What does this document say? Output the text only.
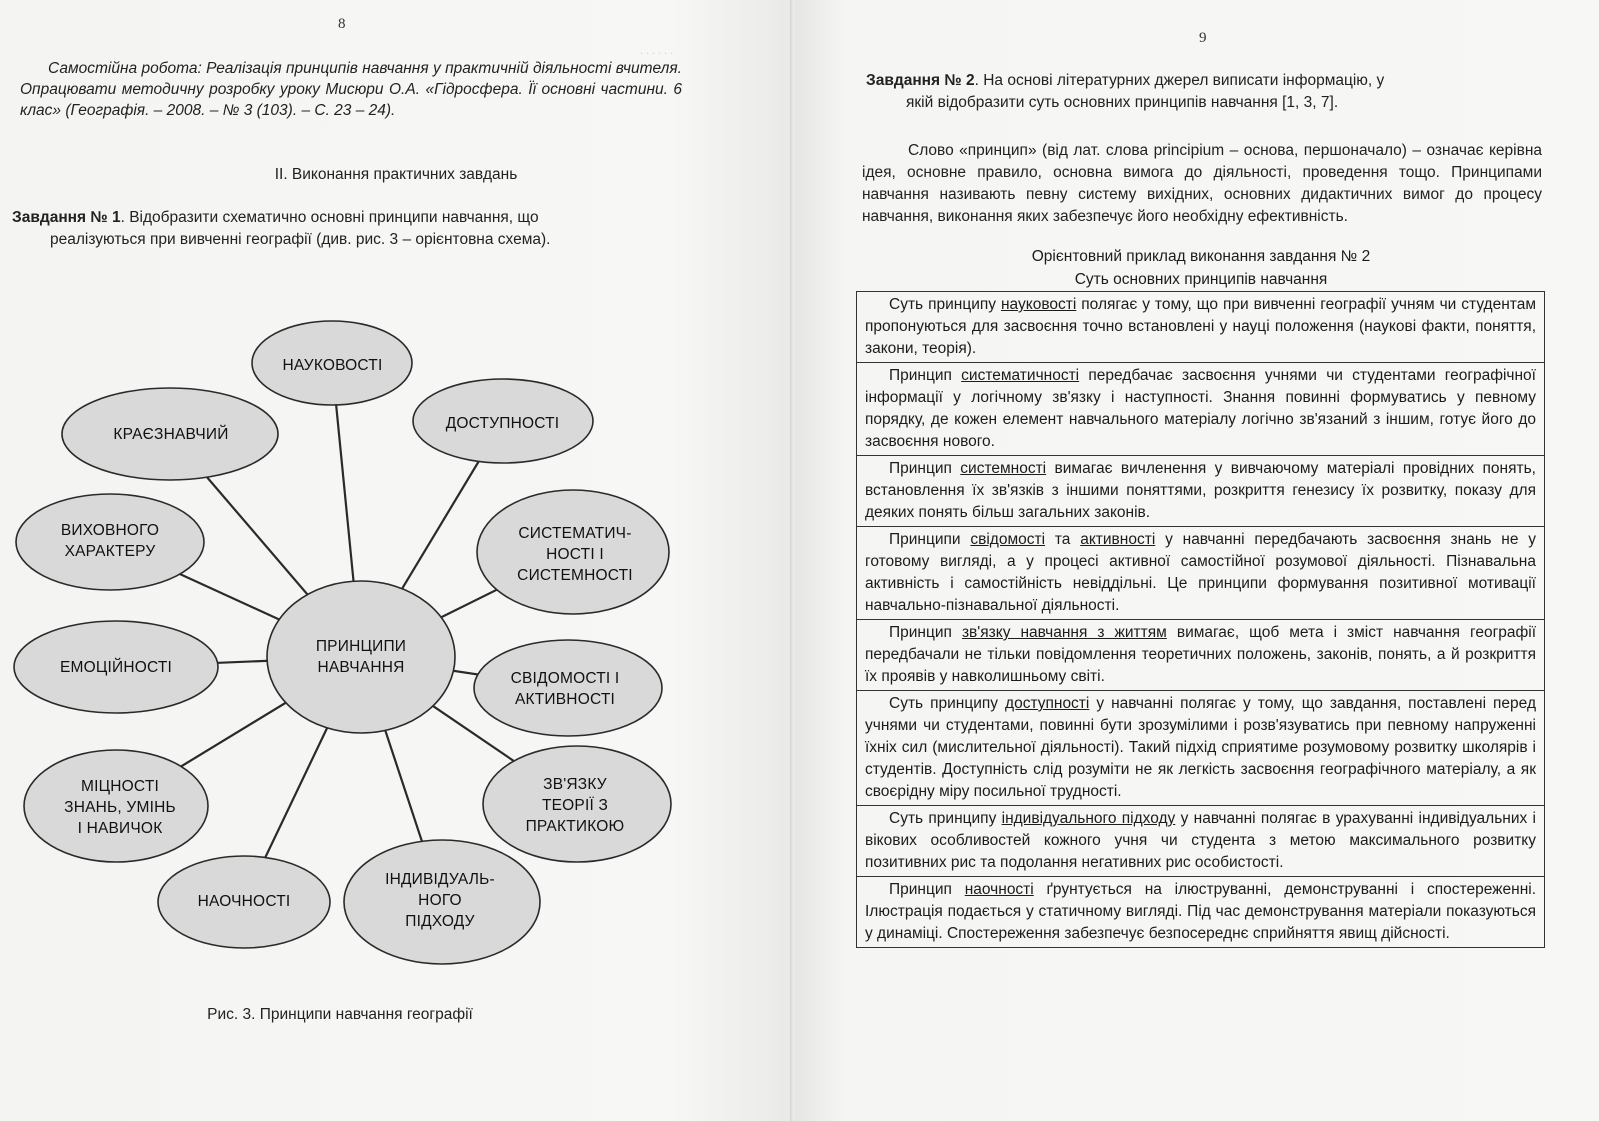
8
Самостійна робота: Реалізація принципів навчання у практичній діяльності вчителя. Опрацювати методичну розробку уроку Мисюри О.А. «Гідросфера. Її основні частини. 6 клас» (Географія. – 2008. – № 3 (103). – С. 23 – 24).
II. Виконання практичних завдань
Завдання № 1. Відобразити схематично основні принципи навчання, що
реалізуються при вивченні географії (див. рис. 3 – орієнтовна схема).
. . . . . .
ПРИНЦИПИ
НАВЧАННЯ
НАУКОВОСТІ
ДОСТУПНОСТІ
СИСТЕМАТИЧ-
НОСТІ І
СИСТЕМНОСТІ
СВІДОМОСТІ І
АКТИВНОСТІ
ЗВ'ЯЗКУ
ТЕОРІЇ З
ПРАКТИКОЮ
ІНДИВІДУАЛЬ-
НОГО
ПІДХОДУ
НАОЧНОСТІ
МІЦНОСТІ
ЗНАНЬ, УМІНЬ
І НАВИЧОК
ЕМОЦІЙНОСТІ
ВИХОВНОГО
ХАРАКТЕРУ
КРАЄЗНАВЧИЙ
Рис. 3. Принципи навчання географії
9
Завдання № 2. На основі літературних джерел виписати інформацію, у
якій відобразити суть основних принципів навчання [1, 3, 7].
Слово «принцип» (від лат. слова principium – основа, першоначало) – означає керівна ідея, основне правило, основна вимога до діяльності, проведення тощо. Принципами навчання називають певну систему вихідних, основних дидактичних вимог до процесу навчання, виконання яких забезпечує його необхідну ефективність.
Орієнтовний приклад виконання завдання № 2
Суть основних принципів навчання
Суть принципу науковості полягає у тому, що при вивченні географії учням чи студентам пропонуються для засвоєння точно встановлені у науці положення (наукові факти, поняття, закони, теорія).
Принцип систематичності передбачає засвоєння учнями чи студентами географічної інформації у логічному зв'язку і наступності. Знання повинні формуватись у певному порядку, де кожен елемент навчального матеріалу логічно зв'язаний з іншим, готує його до засвоєння нового.
Принцип системності вимагає вичленення у вивчаючому матеріалі провідних понять, встановлення їх зв'язків з іншими поняттями, розкриття генезису їх розвитку, показу для деяких понять більш загальних законів.
Принципи свідомості та активності у навчанні передбачають засвоєння знань не у готовому вигляді, а у процесі активної самостійної розумової діяльності. Пізнавальна активність і самостійність невіддільні. Це принципи формування позитивної мотивації навчально-пізнавальної діяльності.
Принцип зв'язку навчання з життям вимагає, щоб мета і зміст навчання географії передбачали не тільки повідомлення теоретичних положень, законів, понять, а й розкриття їх проявів у навколишньому світі.
Суть принципу доступності у навчанні полягає у тому, що завдання, поставлені перед учнями чи студентами, повинні бути зрозумілими і розв'язуватись при певному напруженні їхніх сил (мислительної діяльності). Такий підхід сприятиме розумовому розвитку школярів і студентів. Доступність слід розуміти не як легкість засвоєння географічного матеріалу, а як своєрідну міру посильної трудності.
Суть принципу індивідуального підходу у навчанні полягає в урахуванні індивідуальних і вікових особливостей кожного учня чи студента з метою максимального розвитку позитивних рис та подолання негативних рис особистості.
Принцип наочності ґрунтується на ілюструванні, демонструванні і спостереженні. Ілюстрація подається у статичному вигляді. Під час демонстрування матеріали показуються у динаміці. Спостереження забезпечує безпосереднє сприйняття явищ дійсності.
